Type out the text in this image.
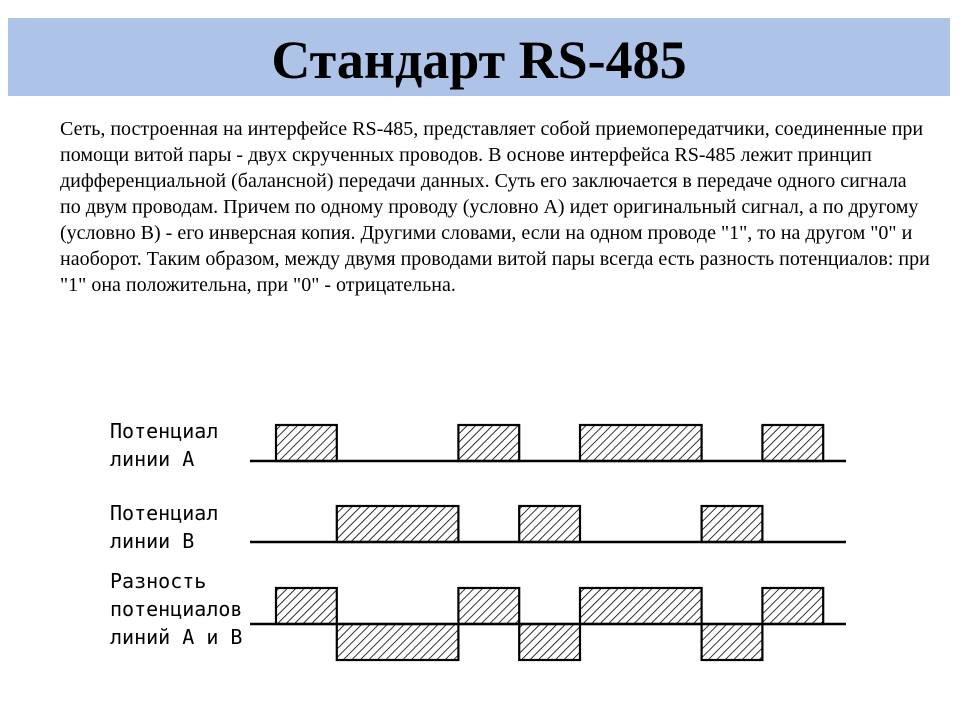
Стандарт RS-485

Сеть, построенная на интерфейсе RS-485, представляет собой приемопередатчики, соединенные при помощи витой пары - двух скрученных проводов. В основе интерфейса RS-485 лежит принцип дифференциальной (балансной) передачи данных. Суть его заключается в передаче одного сигнала по двум проводам. Причем по одному проводу (условно А) идет оригинальный сигнал, а по другому (условно В) - его инверсная копия. Другими словами, если на одном проводе "1", то на другом "0" и наоборот. Таким образом, между двумя проводами витой пары всегда есть разность потенциалов: при "1" она положительна, при "0" - отрицательна.

Потенциал
линии А
Потенциал
линии В
Разность
потенциалов
линий А и В
